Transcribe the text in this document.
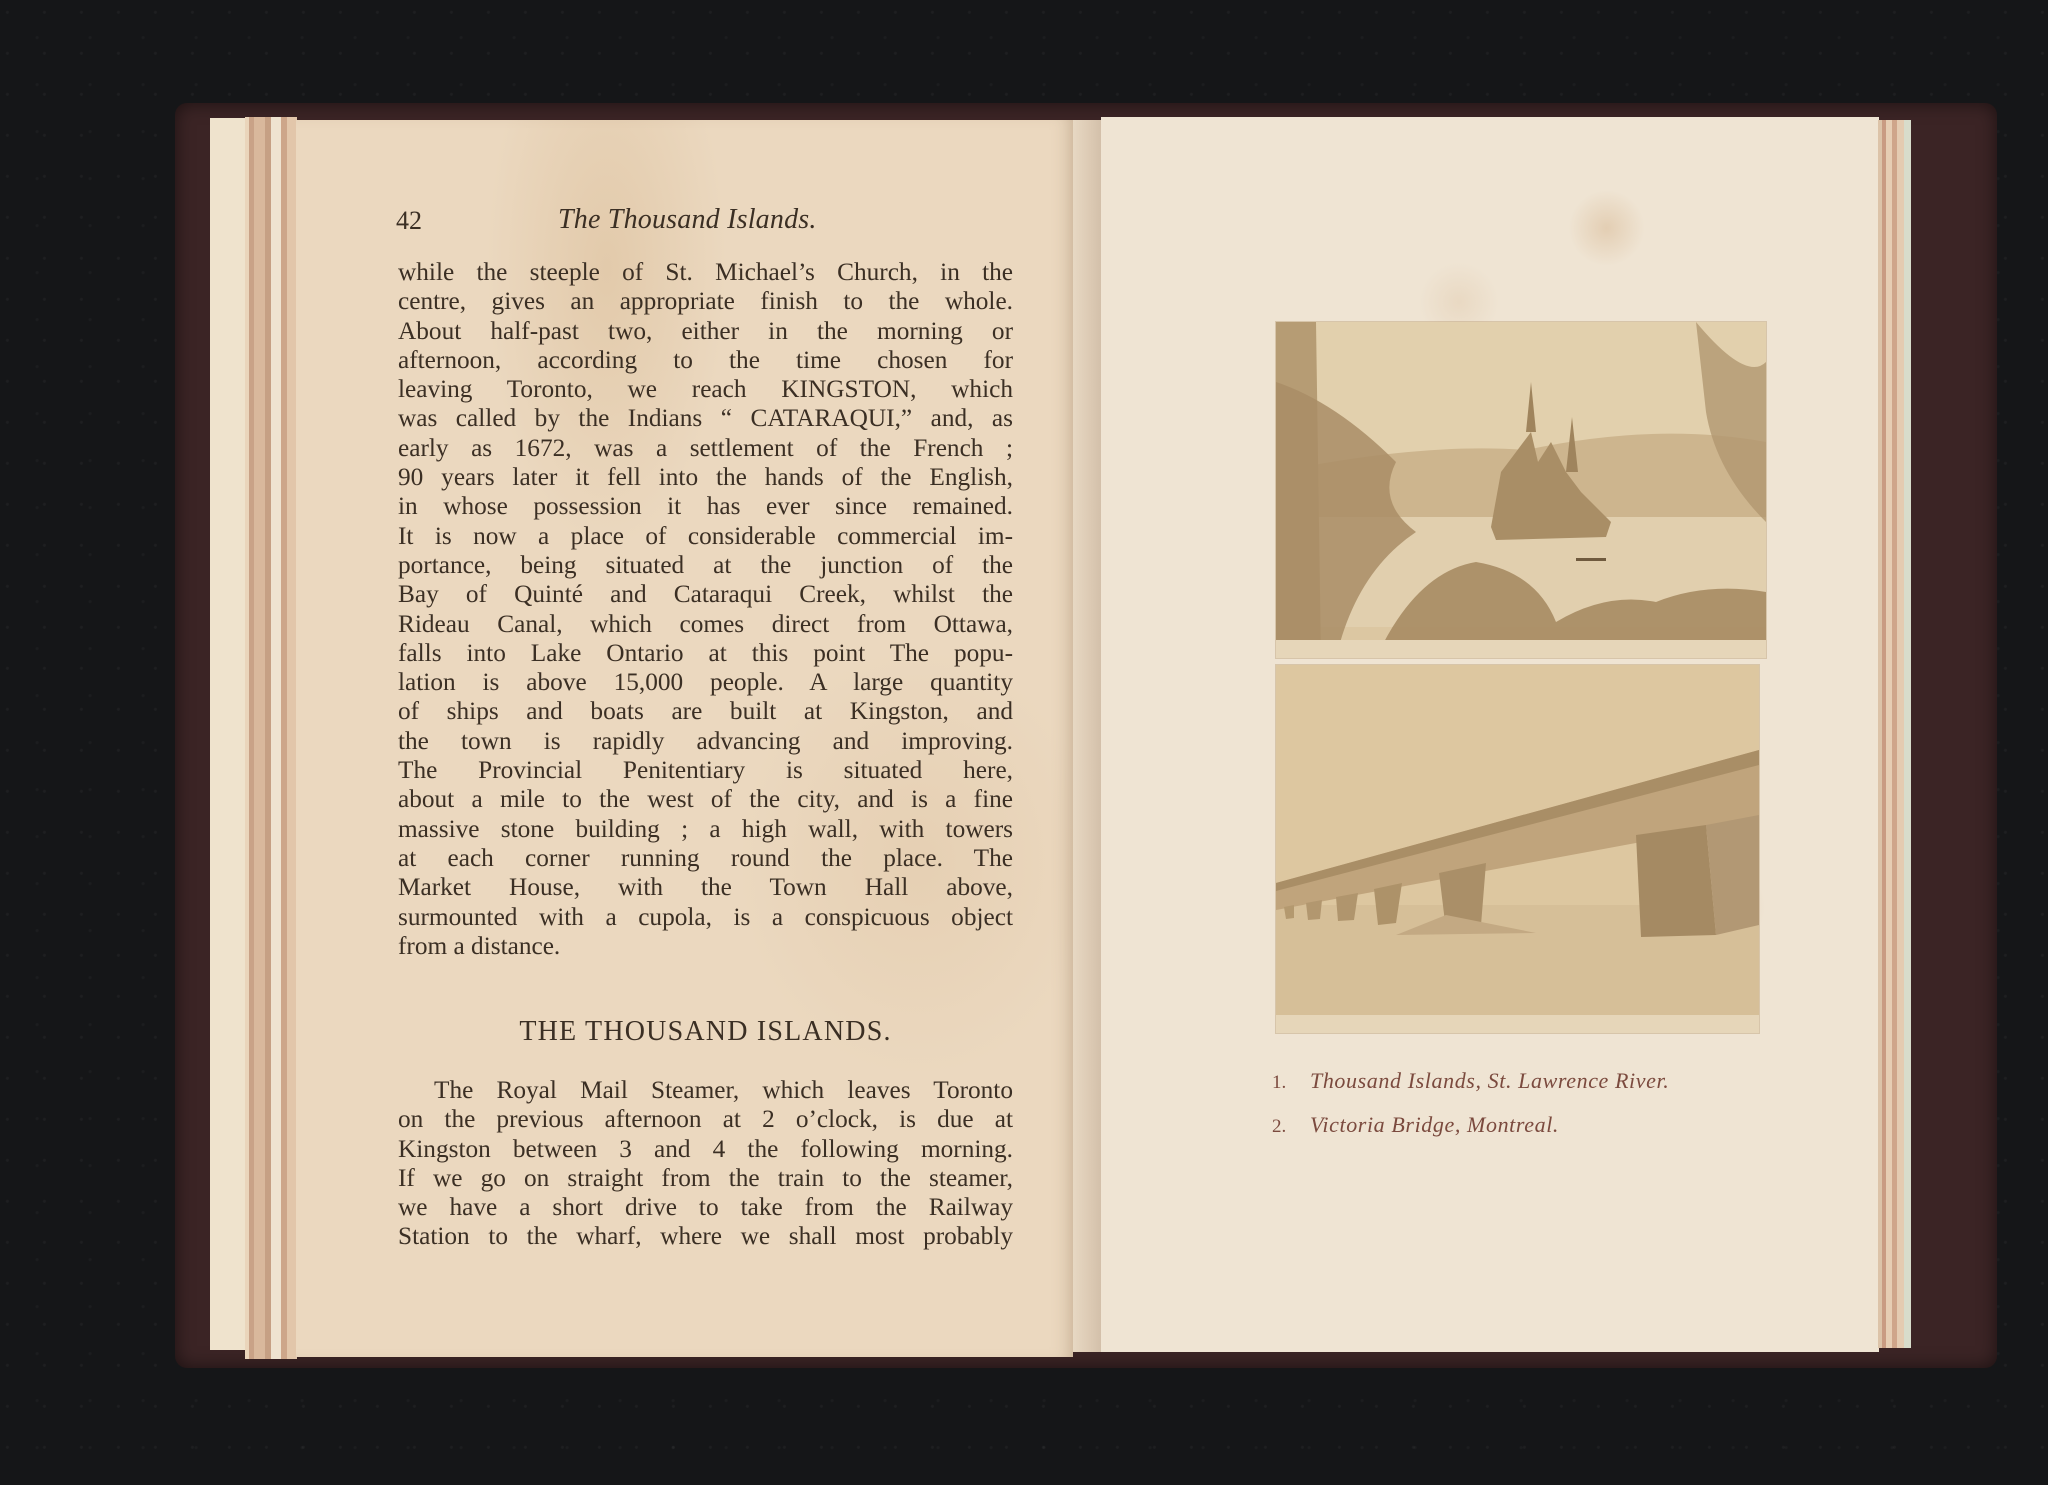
42	The Thousand Islands.
while the steeple of St. Michael’s Church, in the
centre, gives an appropriate finish to the whole.
About half-past two, either in the morning or
afternoon, according to the time chosen for
leaving Toronto, we reach KINGSTON, which
was called by the Indians “ CATARAQUI,” and, as
early as 1672, was a settlement of the French ;
90 years later it fell into the hands of the English,
in whose possession it has ever since remained.
It is now a place of considerable commercial im-
portance, being situated at the junction of the
Bay of Quinté and Cataraqui Creek, whilst the
Rideau Canal, which comes direct from Ottawa,
falls into Lake Ontario at this point The popu-
lation is above 15,000 people. A large quantity
of ships and boats are built at Kingston, and
the town is rapidly advancing and improving.
The Provincial Penitentiary is situated here,
about a mile to the west of the city, and is a fine
massive stone building ; a high wall, with towers
at each corner running round the place. The
Market House, with the Town Hall above,
surmounted with a cupola, is a conspicuous object
from a distance.
THE THOUSAND ISLANDS.
The Royal Mail Steamer, which leaves Toronto
on the previous afternoon at 2 o’clock, is due at
Kingston between 3 and 4 the following morning.
If we go on straight from the train to the steamer,
we have a short drive to take from the Railway
Station to the wharf, where we shall most probably
1. Thousand Islands, St. Lawrence River.
2. Victoria Bridge, Montreal.
